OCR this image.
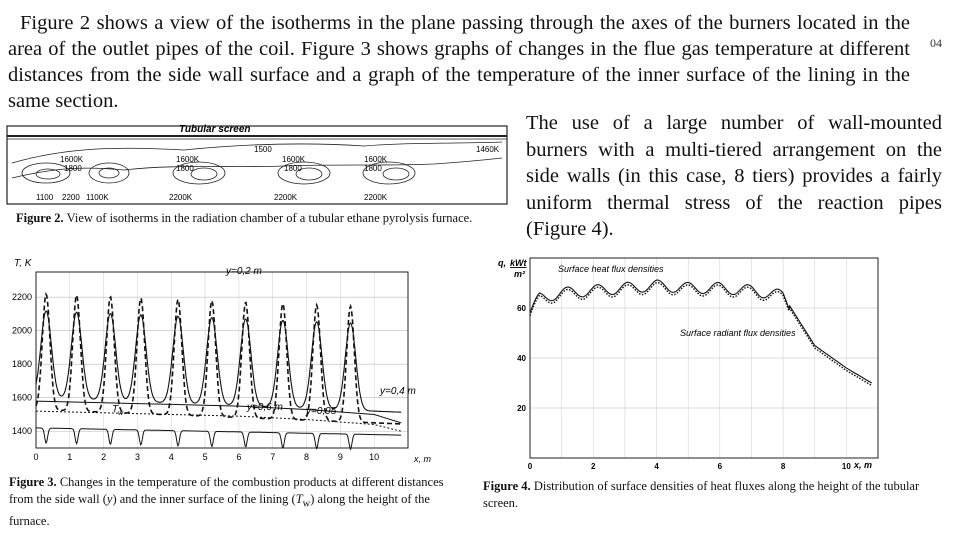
04
Figure 2 shows a view of the isotherms in the plane passing through the axes of the burners located in the area of the outlet pipes of the coil. Figure 3 shows graphs of changes in the flue gas temperature at different distances from the side wall surface and a graph of the temperature of the inner surface of the lining in the same section.
The use of a large number of wall-mounted burners with a multi-tiered arrangement on the side walls (in this case, 8 tiers) provides a fairly uniform thermal stress of the reaction pipes (Figure 4).
Tubular screen
1500	1460K
1600K
1800
1600K
1800
1600K
1800
1600K
1800
1100 2200 1100K	2200K	2200K	2200K
Figure 2. View of isotherms in the radiation chamber of a tubular ethane pyrolysis furnace.
1400
1600
1800
2000
2200
0	1	2	3	4	5	6	7	8	9	10
T, K
x, m
y=0,2 m
y=0,4 m
y=0,6 m y=0,95
$T_w$
Figure 3. Changes in the temperature of the combustion products at different distances from the side wall (y) and the inner surface of the lining $(T_w)$ along the height of the furnace.
20
40
60
0	2	4	6	8	10
q, kWt
m²
x, m
Surface heat flux densities
Surface radiant flux densities
Figure 4. Distribution of surface densities of heat fluxes along the height of the tubular screen.
